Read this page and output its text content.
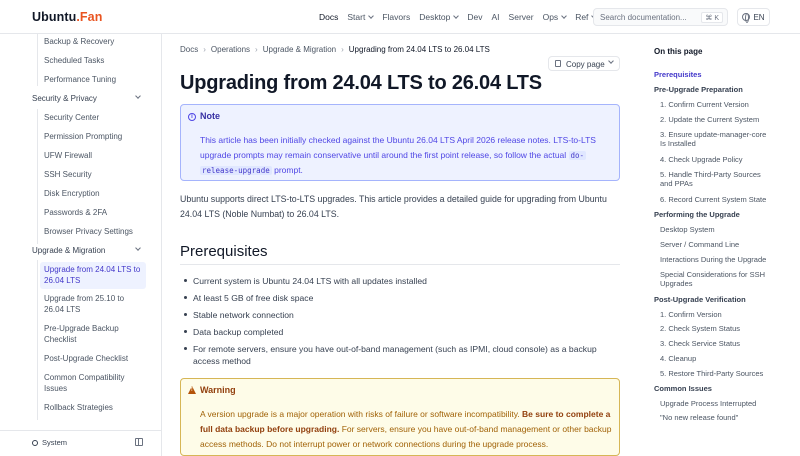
Ubuntu.Fan	Docs Start Flavors Desktop Dev AI Server Ops Ref Search documentation...	⌘ K	EN
Backup & Recovery
Scheduled Tasks
Performance Tuning
Security & Privacy
Security Center
Permission Prompting
UFW Firewall
SSH Security
Disk Encryption
Passwords & 2FA
Browser Privacy Settings
Upgrade & Migration
Upgrade from 24.04 LTS to
26.04 LTS
Upgrade from 25.10 to
26.04 LTS
Pre-Upgrade Backup
Checklist
Post-Upgrade Checklist
Common Compatibility
Issues
Rollback Strategies
System
Docs › Operations › Upgrade & Migration › Upgrading from 24.04 LTS to 26.04 LTS
Copy page
Upgrading from 24.04 LTS to 26.04 LTS
i Note
This article has been initially checked against the Ubuntu 26.04 LTS April 2026 release notes. LTS-to-LTS upgrade prompts may remain conservative until around the first point release, so follow the actual do-
release-upgrade prompt.

Ubuntu supports direct LTS-to-LTS upgrades. This article provides a detailed guide for upgrading from Ubuntu 24.04 LTS (Noble Numbat) to 26.04 LTS.

Prerequisites
Current system is Ubuntu 24.04 LTS with all updates installed
At least 5 GB of free disk space
Stable network connection
Data backup completed
For remote servers, ensure you have out-of-band management (such as IPMI, cloud console) as a backup access method
!
Warning
A version upgrade is a major operation with risks of failure or software incompatibility. Be sure to complete a full data backup before upgrading. For servers, ensure you have out-of-band management or other backup access methods. Do not interrupt power or network connections during the upgrade process.
On this page
Prerequisites
Pre-Upgrade Preparation
1. Confirm Current Version
2. Update the Current System
3. Ensure update-manager-core
Is Installed
4. Check Upgrade Policy
5. Handle Third-Party Sources
and PPAs
6. Record Current System State
Performing the Upgrade
Desktop System
Server / Command Line
Interactions During the Upgrade
Special Considerations for SSH
Upgrades
Post-Upgrade Verification
1. Confirm Version
2. Check System Status
3. Check Service Status
4. Cleanup
5. Restore Third-Party Sources
Common Issues
Upgrade Process Interrupted
"No new release found"
